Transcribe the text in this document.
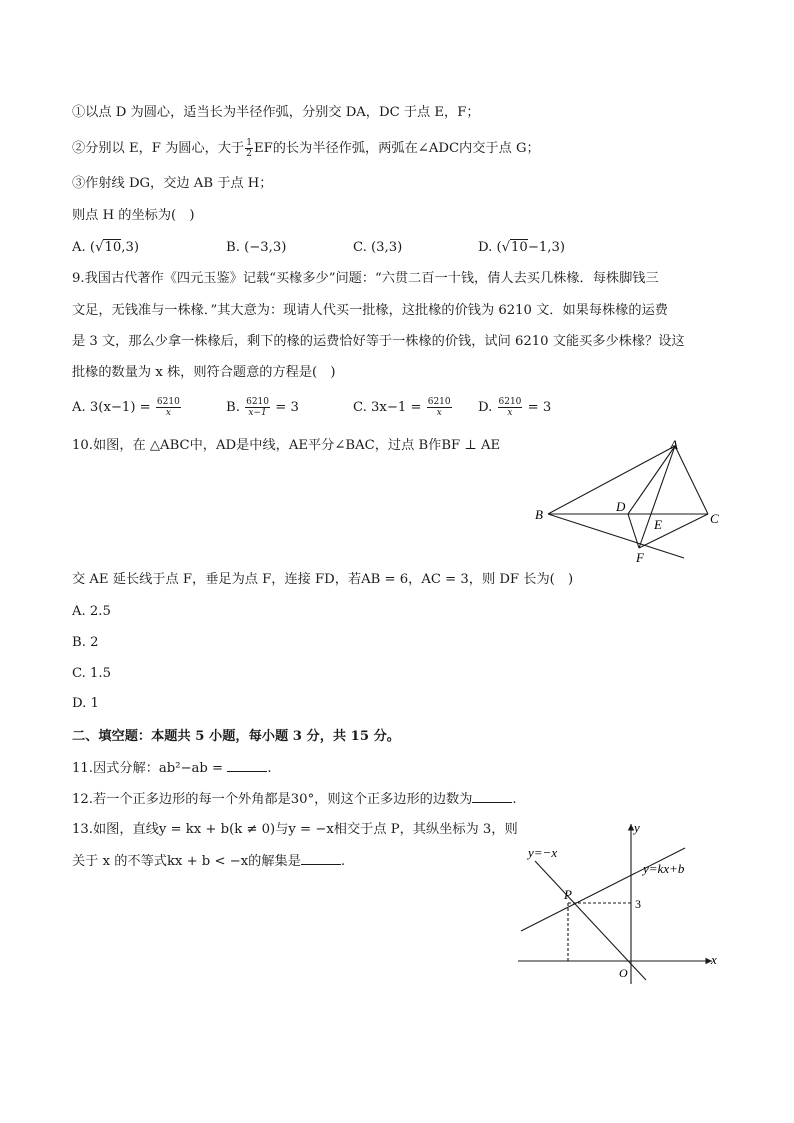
①以点 D 为圆心，适当长为半径作弧，分别交 DA，DC 于点 E，F；
②分别以 E，F 为圆心，大于 $\frac{1}{2}$ EF的长为半径作弧，两弧在∠ADC内交于点 G；
③作射线 DG，交边 AB 于点 H；
则点 H 的坐标为(　)
A. (√10,3)	B. (−3,3)	C. (3,3)	D. (√10−1,3)
9.我国古代著作《四元玉鉴》记载“买椽多少”问题：“六贯二百一十钱，倩人去买几株椽．每株脚钱三
文足，无钱准与一株椽．”其大意为：现请人代买一批椽，这批椽的价钱为 6210 文．如果每株椽的运费
是 3 文，那么少拿一株椽后，剩下的椽的运费恰好等于一株椽的价钱，试问 6210 文能买多少株椽？设这
批椽的数量为 x 株，则符合题意的方程是(　)
A. $3(x-1) = \frac{6210}{x}$	B. $\frac{6210}{x-1} = 3$	C. $3x-1 = \frac{6210}{x} D$. $\frac{6210}{x} = 3$
10.如图，在 △ABC中，AD是中线，AE平分∠BAC，过点 B作BF ⊥ AE	A
B	C
D
E
F
交 AE 延长线于点 F，垂足为点 F，连接 FD，若AB = 6，AC = 3，则 DF 长为(　)
A. 2.5
B. 2
C. 1.5
D. 1
二、填空题：本题共 5 小题，每小题 3 分，共 15 分。
11.因式分解：ab²−ab =	.
12.若一个正多边形的每一个外角都是30°，则这个正多边形的边数为	.
13.如图，直线y = kx + b(k ≠ 0)与y = −x相交于点 P，其纵坐标为 3，则
关于 x 的不等式kx + b < −x的解集是	.
y
x
O
P
3
y=−x
y=kx+b
